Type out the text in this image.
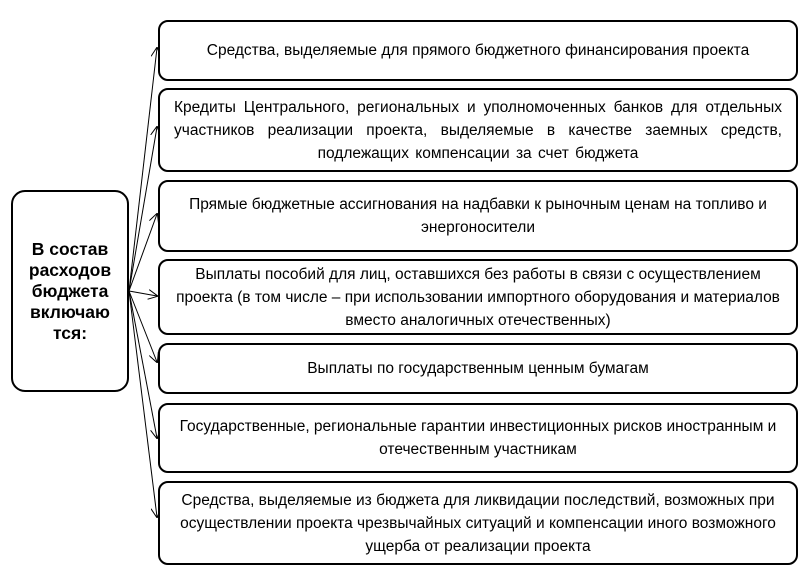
В состав расходов бюджета включаю тся:
Средства, выделяемые для прямого бюджетного финансирования проекта
Кредиты Центрального, региональных и уполномоченных банков для отдельных участников реализации проекта, выделяемые в качестве заемных средств, подлежащих компенсации за счет бюджета
Прямые бюджетные ассигнования на надбавки к рыночным ценам на топливо и энергоносители
Выплаты пособий для лиц, оставшихся без работы в связи с осуществлением проекта (в том числе – при использовании импортного оборудования и материалов вместо аналогичных отечественных)
Выплаты по государственным ценным бумагам
Государственные, региональные гарантии инвестиционных рисков иностранным и отечественным участникам
Средства, выделяемые из бюджета для ликвидации последствий, возможных при осуществлении проекта чрезвычайных ситуаций и компенсации иного возможного ущерба от реализации проекта
